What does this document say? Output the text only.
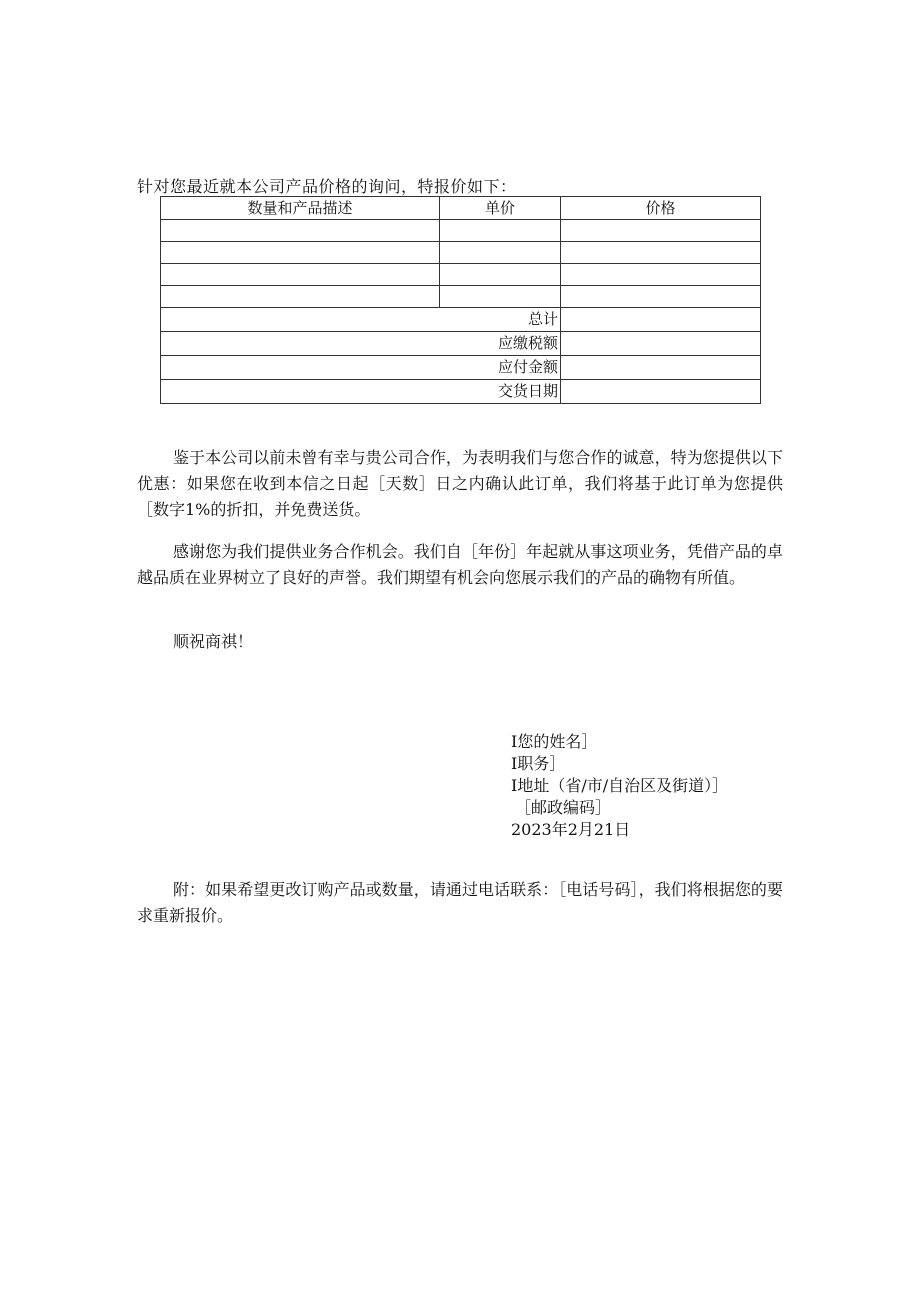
针对您最近就本公司产品价格的询问，特报价如下：
数量和产品描述	单价	价格

总计		
应缴税额		
应付金额		
交货日期		

鉴于本公司以前未曾有幸与贵公司合作，为表明我们与您合作的诚意，特为您提供以下优惠：如果您在收到本信之日起［天数］日之内确认此订单，我们将基于此订单为您提供［数字1%的折扣，并免费送货。

感谢您为我们提供业务合作机会。我们自［年份］年起就从事这项业务，凭借产品的卓越品质在业界树立了良好的声誉。我们期望有机会向您展示我们的产品的确物有所值。

顺祝商祺！

I您的姓名］
I职务］
I地址（省/市/自治区及街道）］
［邮政编码］
2023年2月21日

附：如果希望更改订购产品或数量，请通过电话联系：［电话号码］，我们将根据您的要求重新报价。
